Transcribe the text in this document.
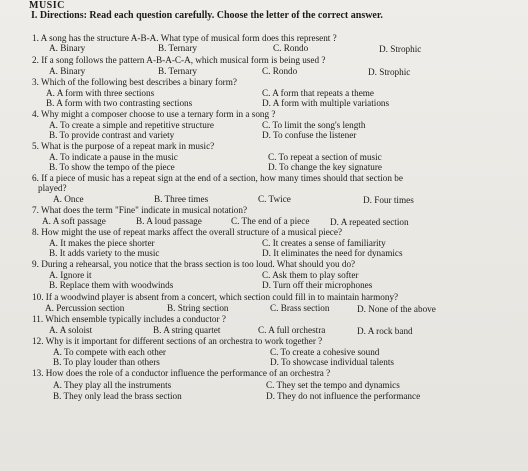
MUSIC
I. Directions: Read each question carefully. Choose the letter of the correct answer.
1. A song has the structure A-B-A. What type of musical form does this represent ?
A. Binary	B. Ternary	C. Rondo	D. Strophic
2. If a song follows the pattern A-B-A-C-A, which musical form is being used ?
A. Binary	B. Ternary	C. Rondo	D. Strophic
3. Which of the following best describes a binary form?
A. A form with three sections	C. A form that repeats a theme
B. A form with two contrasting sections	D. A form with multiple variations
4. Why might a composer choose to use a ternary form in a song ?
A. To create a simple and repetitive structure	C. To limit the song's length
B. To provide contrast and variety	D. To confuse the listener
5. What is the purpose of a repeat mark in music?
A. To indicate a pause in the music	C. To repeat a section of music
B. To show the tempo of the piece	D. To change the key signature
6. If a piece of music has a repeat sign at the end of a section, how many times should that section be
played?
A. Once	B. Three times	C. Twice	D. Four times
7. What does the term "Fine" indicate in musical notation?
A. A soft passage	B. A loud passage	C. The end of a piece D. A repeated section
8. How might the use of repeat marks affect the overall structure of a musical piece?
A. It makes the piece shorter	C. It creates a sense of familiarity
B. It adds variety to the music	D. It eliminates the need for dynamics
9. During a rehearsal, you notice that the brass section is too loud. What should you do?
A. Ignore it	C. Ask them to play softer
B. Replace them with woodwinds	D. Turn off their microphones
10. If a woodwind player is absent from a concert, which section could fill in to maintain harmony?
A. Percussion section	B. String section	C. Brass section	D. None of the above
11. Which ensemble typically includes a conductor ?
A. A soloist	B. A string quartet	C. A full orchestra	D. A rock band
12. Why is it important for different sections of an orchestra to work together ?
A. To compete with each other	C. To create a cohesive sound
B. To play louder than others	D. To showcase individual talents
13. How does the role of a conductor influence the performance of an orchestra ?
A. They play all the instruments	C. They set the tempo and dynamics
B. They only lead the brass section	D. They do not influence the performance
